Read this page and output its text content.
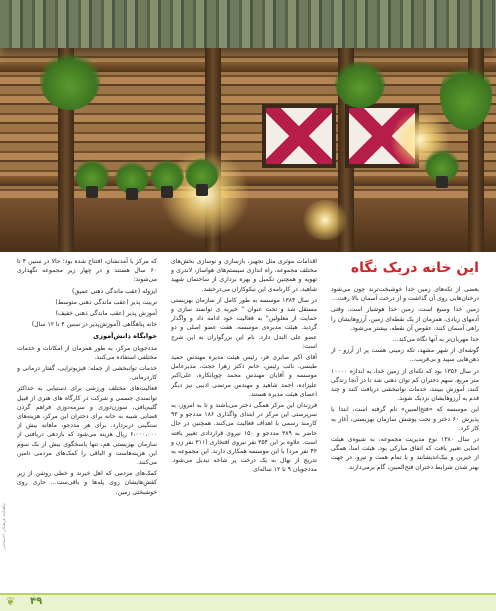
این خانه دریک نگاه

بعضی از تکه‌های زمین خدا خوشبخت‌ترند چون می‌شود درختان‌هایی روی آن گذاشت و از درخت آسمان بالا رفت...

زمین خدا وسیع است، زمین خدا هوشیار است. وقتی آدمهای زیادی، همزمان از یک نقطه‌ای زمین، آرزوهایشان را راهی آسمان کنند، عقوص آن نقطه، بیشتر می‌شود.

خدا مهربان‌تر به آنها نگاه می‌کند...

گوشه‌ای از شهر مشهد، تکه زمینی هست پر از آرزو - از ذهن‌هایی سپید و بی‌فریب...

در سال ۱۳۵۶ بود که تکه‌ای از زمین خدا، به اندازه ۱۰۰۰۰ متر مربع، سهم دختران کم توان ذهنی شد تا در آنجا زندگی کنند، آموزش ببینند، خدمات توانبخشی دریافت کنند و چند قدم به آرزوهایشان نزدیک شوند.

این موسسه که «فتح‌المبین» نام گرفته است، ابتدا با پذیرش ۶۰ دختر و تحت پوشش سازمان بهزیستی، آغاز به کار کرد.

در سال ۱۳۸۰ نوع مدیریت مجموعه، به شیوه‌ی هیئت امنایی تغییر یافت که اتفاق مبارکی بود. هیئت امنا، همگی از خیرین و نیک‌اندیشانند و با تمام همت و نیرو، در جهت بهتر شدن شرایط دختران فتح‌المبین، گام برمی‌دارند.

اقدامات موثری مثل تجهیز، بازسازی و نوسازی بخش‌های مختلف مجموعه، راه اندازی سیستم‌های هواساز، لاندری و تهویه و همچنین تکمیل و بهره برداری از ساختمان شهید شاهید، در کارنامه‌ی این نیکوکاران می‌درخشد.

در سال ۱۳۸۴ موسسه به طور کامل از سازمان بهزیستی مستقل شد و تحت عنوان " خیریه ی توانمند سازی و حمایت از معلولین" به فعالیت خود ادامه داد و واگذار گردید. هیئت مدیره‌ی موسسه، هفت عضو اصلی و دو عضو علی البدل دارد. نام این بزرگواران به این شرح است:

آقای اکبر صابری فر، رئیس هیئت مدیره مهندس حمید طبسی، نائب رئیس، خانم دکتر زهرا حجت، مدیرعامل موسسه و آقایان مهندس محمد چوپانکاره، علی‌اکبر علیزاده، احمد شاهید و مهندس مرتضی ادیبی نیز دیگر اعضای هیئت مدیره هستند.

فرزندان این مرکز همگی دختر می‌باشند و تا به امروز، به سرپرستی این مرکز در ابتدای واگذاری ۱۸۶ مددجو و ۹۳ کارمند رسمی با اهداف فعالیت می‌کنند. همچنین در حال حاضر به ۳۸۹ مددجو و ۱۵۰ نیروی قراردادی تغییر یافته است. علاوه بر این ۳۵۴ نفر نیروی افتخاری (۳۱۱ نفر زن و ۴۳ نفر مرد) با این موسسه همکاری دارند. این مجموعه به تدریج از نهال به یک درخت پر شاخه تبدیل می‌شود. مددجویان ۹ تا ۱۲ ساله‌ای

که مرکز با آمدنشان، افتتاح شده بود؛ حالا در سنین ۴ تا ۶۰ سال هستند و در چهار زیر مجموعه نگهداری می‌شوند:

ایزوله (عقب ماندگی ذهنی عمیق)

تربیت پذیر (عقب ماندگی ذهنی متوسط)

آموزش پذیر (عقب ماندگی ذهنی خفیف)

خانه پناهگاهی (آموزش‌پذیر در سنین ۴ تا ۱۲ سال)

خوابگاه دانش‌آموزی

مددجویان مرکز، به طور همزمان از امکانات و خدمات مختلفی استفاده می‌کنند.

خدمات توانبخشی از جمله: فیزیوتراپی، گفتار درمانی و کاردرمانی.

فعالیت‌های مختلف ورزشی برای دستیابی به حداکثر توانمندی جسمی و شرکت در کارگاه های هنری از قبیل گلیم‌بافی، سوزن‌دوزی و سرمه‌دوزی فراهم گردن فضایی شبیه به خانه برای دختران این مرکز، هزینه‌های سنگینی دربردارد. برای هر مددجو، ماهانه بیش از ۶،۰۰۰،۰۰۰ ریال هزینه می‌شود که بازدهی دریافتی از سازمان بهزیستی هم، تنها پاسخگوی بیش از یک سوم این هزینه‌هاست و الباقی را کمک‌های مردمی تامین می‌کنند.

کمک‌های مردمی که اهل خیرند و خطی روشن از زیر کفش‌هایشان روی پله‌ها و باقی‌ست... جاری روی خوشبختی زمین.

ماهنامه فرهنگی اجتماعی
❦	۴۹
